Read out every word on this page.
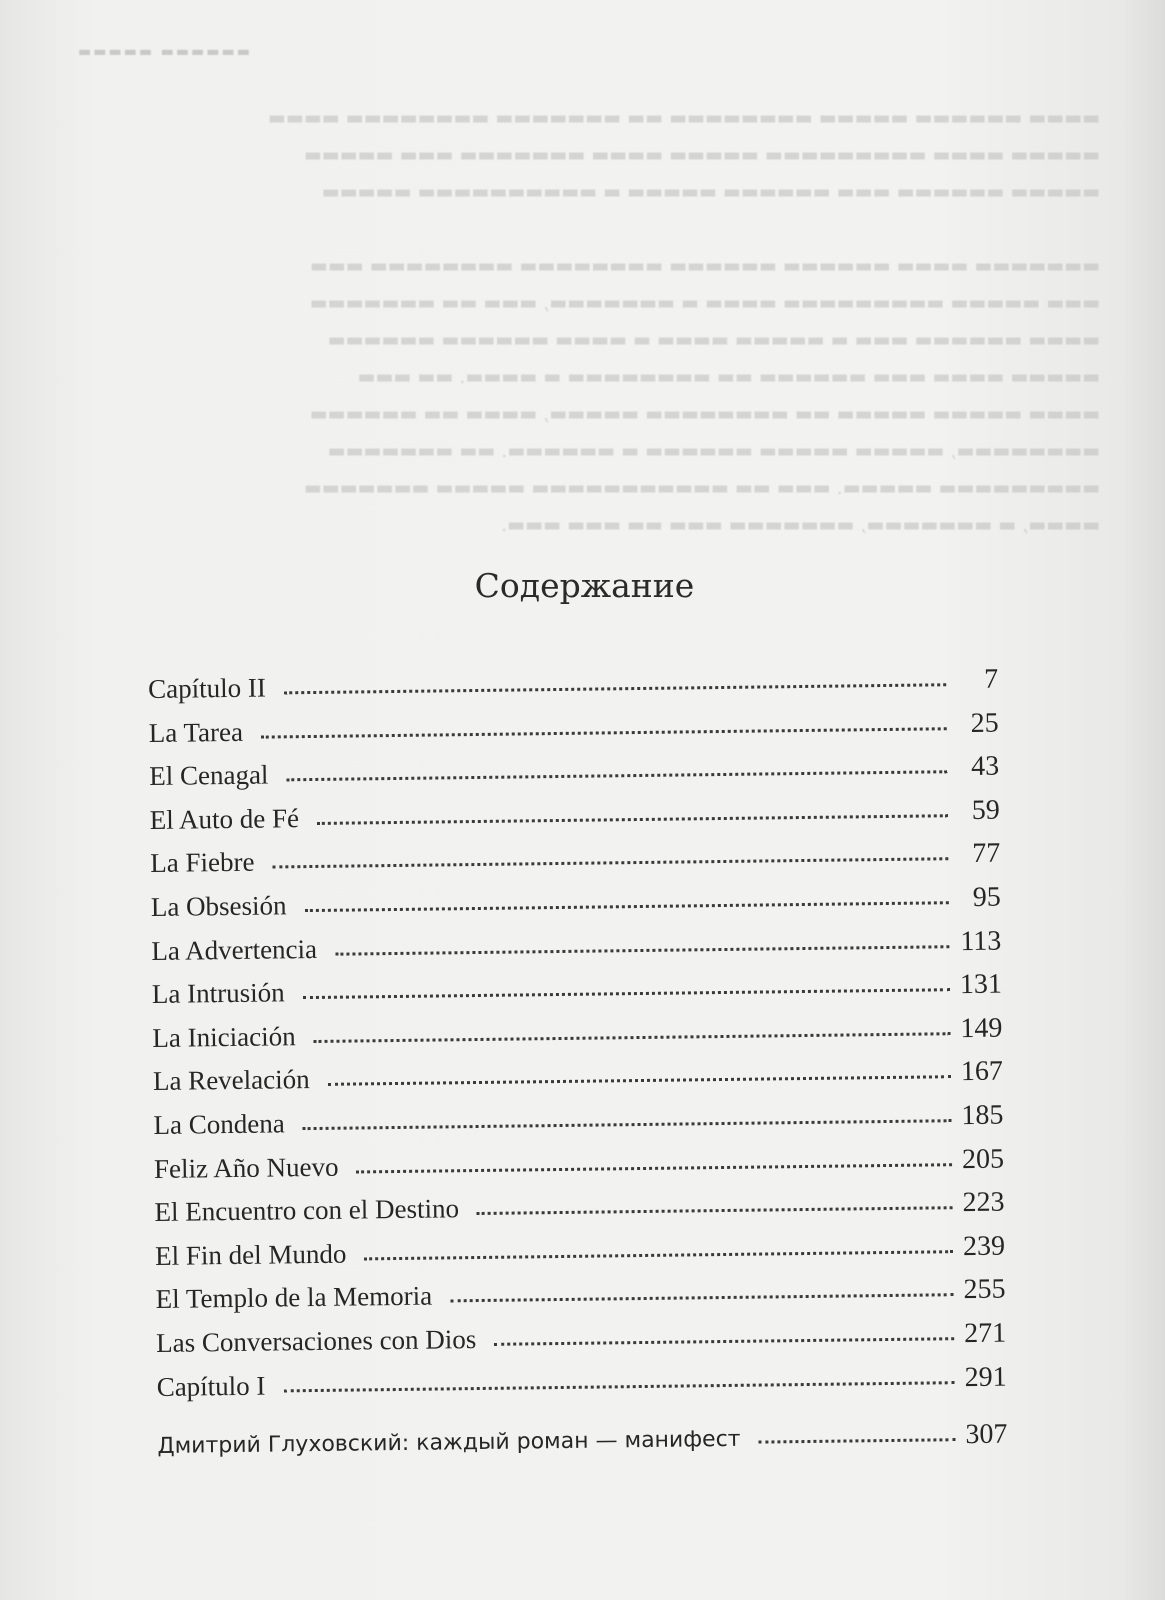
▬▬▬▬▬ ▬▬▬▬▬▬
▬▬▬▬ ▬▬▬▬▬▬ ▬▬▬▬▬ ▬▬▬▬▬▬▬▬ ▬▬ ▬▬▬▬▬▬▬ ▬▬▬▬▬▬▬▬ ▬▬▬▬
▬▬▬▬▬ ▬▬▬▬ ▬▬▬▬▬▬▬▬▬ ▬▬▬▬▬ ▬▬▬▬ ▬▬▬▬▬▬▬ ▬▬▬ ▬▬▬▬▬
▬▬▬▬▬ ▬▬▬▬▬▬ ▬▬▬ ▬▬▬▬▬▬ ▬▬▬▬▬ ▬ ▬▬▬▬▬▬▬▬▬▬ ▬▬▬▬▬

▬▬▬▬▬▬▬ ▬▬▬▬ ▬▬▬▬▬▬ ▬▬▬▬▬▬ ▬▬▬▬▬▬▬▬ ▬▬▬▬▬▬▬▬ ▬▬▬
▬▬▬ ▬▬▬▬▬ ▬▬▬▬▬▬▬▬▬ ▬▬▬▬ ▬ ▬▬▬▬▬▬▬, ▬▬▬ ▬▬ ▬▬▬▬▬▬▬
▬▬▬▬ ▬▬▬▬▬▬ ▬▬▬ ▬ ▬▬▬▬▬ ▬▬▬▬ ▬ ▬▬▬▬ ▬▬▬▬▬▬ ▬▬▬▬▬▬
▬▬▬▬▬ ▬▬▬▬ ▬▬▬ ▬▬▬▬▬▬ ▬▬ ▬▬▬▬▬▬▬▬ ▬ ▬▬▬▬. ▬▬ ▬▬▬
▬▬▬▬ ▬▬▬▬▬ ▬▬▬▬▬ ▬▬ ▬▬▬▬▬▬▬▬ ▬▬▬▬▬, ▬▬▬▬ ▬▬ ▬▬▬▬▬▬
▬▬▬▬▬▬▬▬, ▬▬▬▬▬ ▬▬▬▬▬ ▬▬▬▬▬▬ ▬ ▬▬▬▬▬▬. ▬▬ ▬▬▬▬▬▬▬
▬▬▬▬▬▬▬▬▬ ▬▬▬▬▬. ▬▬▬ ▬▬ ▬▬▬▬▬▬▬▬▬▬▬ ▬▬▬▬▬ ▬▬▬▬▬▬▬
▬▬▬▬, ▬ ▬▬▬▬▬▬▬, ▬▬▬▬▬▬▬ ▬▬▬ ▬▬ ▬▬▬ ▬▬▬.
Содержание
Capítulo II	7
La Tarea	25
El Cenagal	43
El Auto de Fé	59
La Fiebre	77
La Obsesión	95
La Advertencia	113
La Intrusión	131
La Iniciación	149
La Revelación	167
La Condena	185
Feliz Año Nuevo	205
El Encuentro con el Destino	223
El Fin del Mundo	239
El Templo de la Memoria	255
Las Conversaciones con Dios	271
Capítulo I	291
Дмитрий Глуховский: каждый роман — манифест	307
